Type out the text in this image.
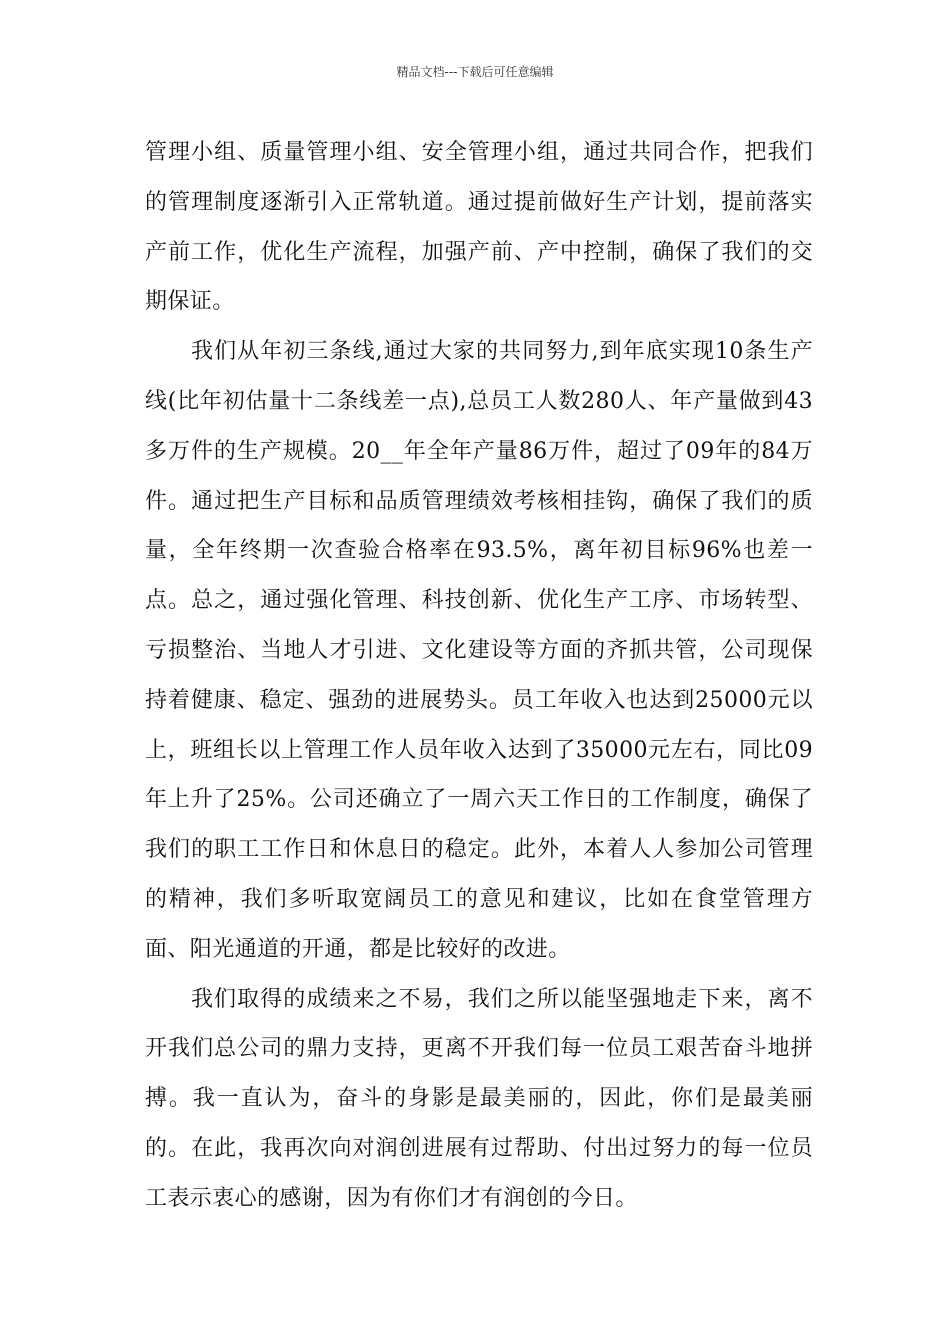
精品文档---下载后可任意编辑

管理小组、质量管理小组、安全管理小组，通过共同合作，把我们的管理制度逐渐引入正常轨道。通过提前做好生产计划，提前落实产前工作，优化生产流程，加强产前、产中控制，确保了我们的交期保证。

我们从年初三条线,通过大家的共同努力,到年底实现10条生产线(比年初估量十二条线差一点),总员工人数280人、年产量做到43多万件的生产规模。20__年全年产量86万件，超过了09年的84万件。通过把生产目标和品质管理绩效考核相挂钩，确保了我们的质量，全年终期一次查验合格率在93.5%，离年初目标96%也差一点。总之，通过强化管理、科技创新、优化生产工序、市场转型、亏损整治、当地人才引进、文化建设等方面的齐抓共管，公司现保持着健康、稳定、强劲的进展势头。员工年收入也达到25000元以上，班组长以上管理工作人员年收入达到了35000元左右，同比09年上升了25%。公司还确立了一周六天工作日的工作制度，确保了我们的职工工作日和休息日的稳定。此外，本着人人参加公司管理的精神，我们多听取宽阔员工的意见和建议，比如在食堂管理方面、阳光通道的开通，都是比较好的改进。

我们取得的成绩来之不易，我们之所以能坚强地走下来，离不开我们总公司的鼎力支持，更离不开我们每一位员工艰苦奋斗地拼搏。我一直认为，奋斗的身影是最美丽的，因此，你们是最美丽的。在此，我再次向对润创进展有过帮助、付出过努力的每一位员工表示衷心的感谢，因为有你们才有润创的今日。
